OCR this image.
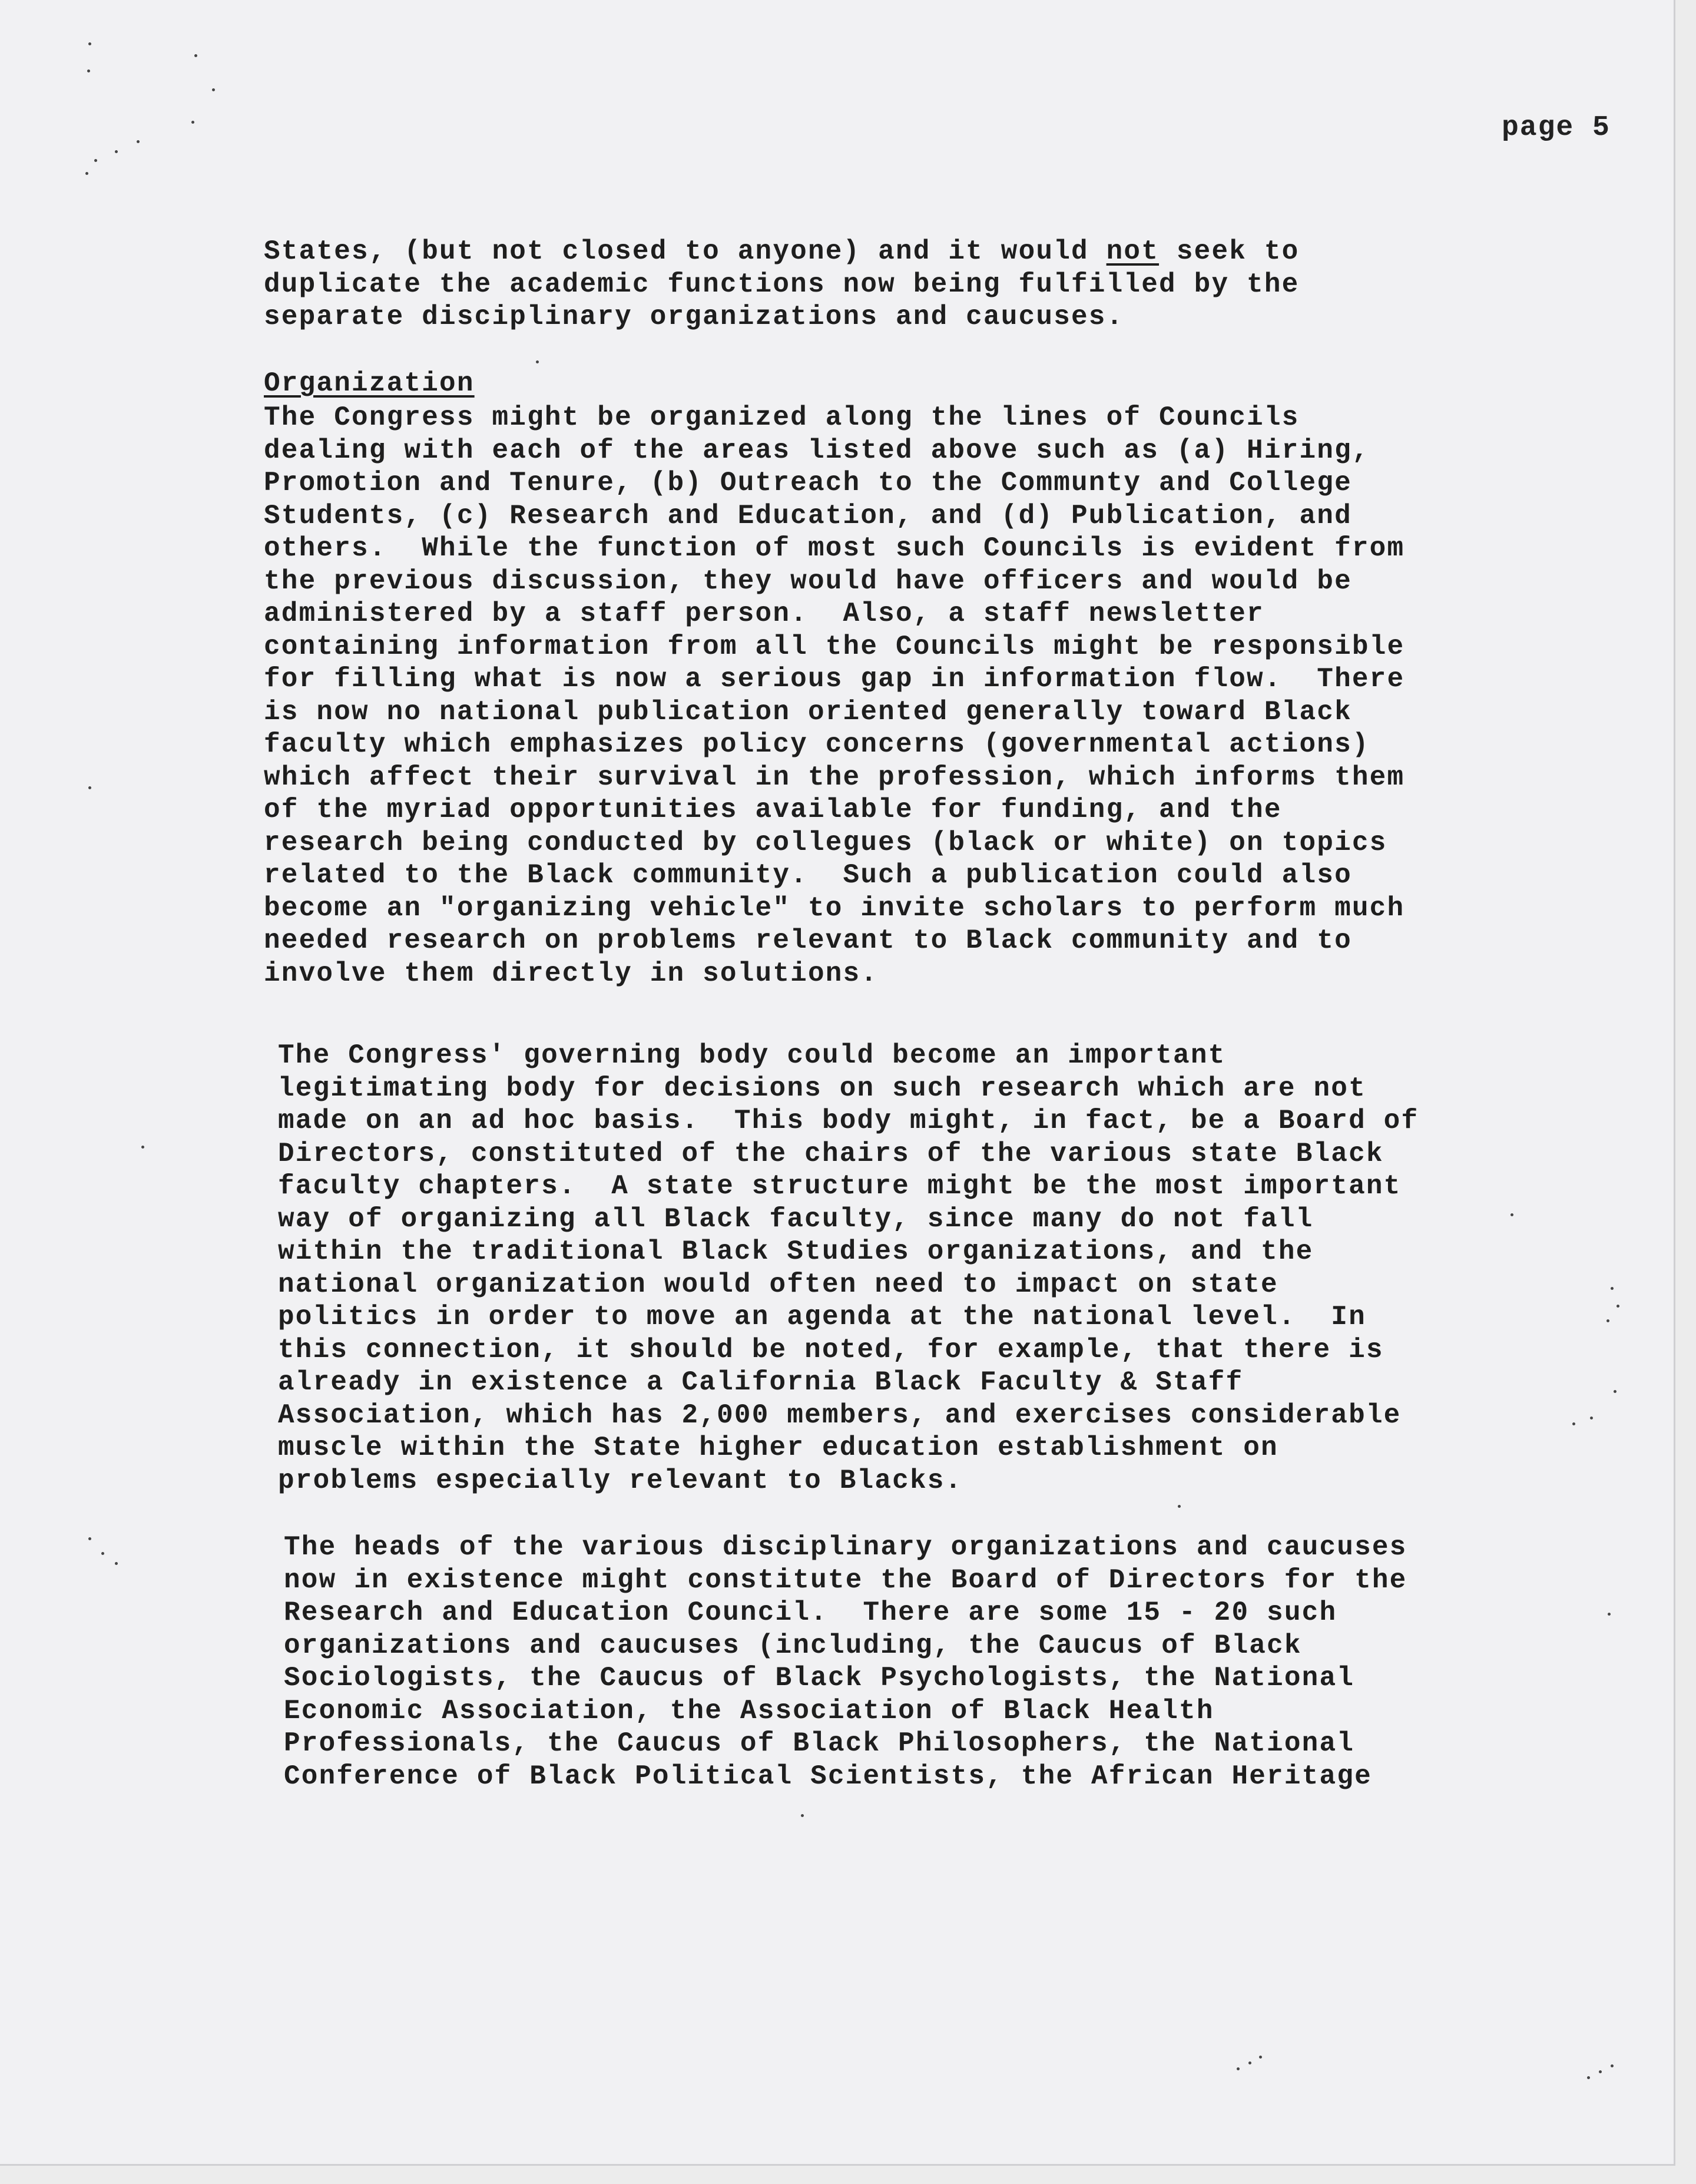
page 5
States, (but not closed to anyone) and it would not seek to
duplicate the academic functions now being fulfilled by the
separate disciplinary organizations and caucuses.
Organization
The Congress might be organized along the lines of Councils
dealing with each of the areas listed above such as (a) Hiring,
Promotion and Tenure, (b) Outreach to the Communty and College
Students, (c) Research and Education, and (d) Publication, and
others.  While the function of most such Councils is evident from
the previous discussion, they would have officers and would be
administered by a staff person.  Also, a staff newsletter
containing information from all the Councils might be responsible
for filling what is now a serious gap in information flow.  There
is now no national publication oriented generally toward Black
faculty which emphasizes policy concerns (governmental actions)
which affect their survival in the profession, which informs them
of the myriad opportunities available for funding, and the
research being conducted by collegues (black or white) on topics
related to the Black community.  Such a publication could also
become an "organizing vehicle" to invite scholars to perform much
needed research on problems relevant to Black community and to
involve them directly in solutions.
The Congress' governing body could become an important
legitimating body for decisions on such research which are not
made on an ad hoc basis.  This body might, in fact, be a Board of
Directors, constituted of the chairs of the various state Black
faculty chapters.  A state structure might be the most important
way of organizing all Black faculty, since many do not fall
within the traditional Black Studies organizations, and the
national organization would often need to impact on state
politics in order to move an agenda at the national level.  In
this connection, it should be noted, for example, that there is
already in existence a California Black Faculty & Staff
Association, which has 2,000 members, and exercises considerable
muscle within the State higher education establishment on
problems especially relevant to Blacks.
The heads of the various disciplinary organizations and caucuses
now in existence might constitute the Board of Directors for the
Research and Education Council.  There are some 15 - 20 such
organizations and caucuses (including, the Caucus of Black
Sociologists, the Caucus of Black Psychologists, the National
Economic Association, the Association of Black Health
Professionals, the Caucus of Black Philosophers, the National
Conference of Black Political Scientists, the African Heritage
